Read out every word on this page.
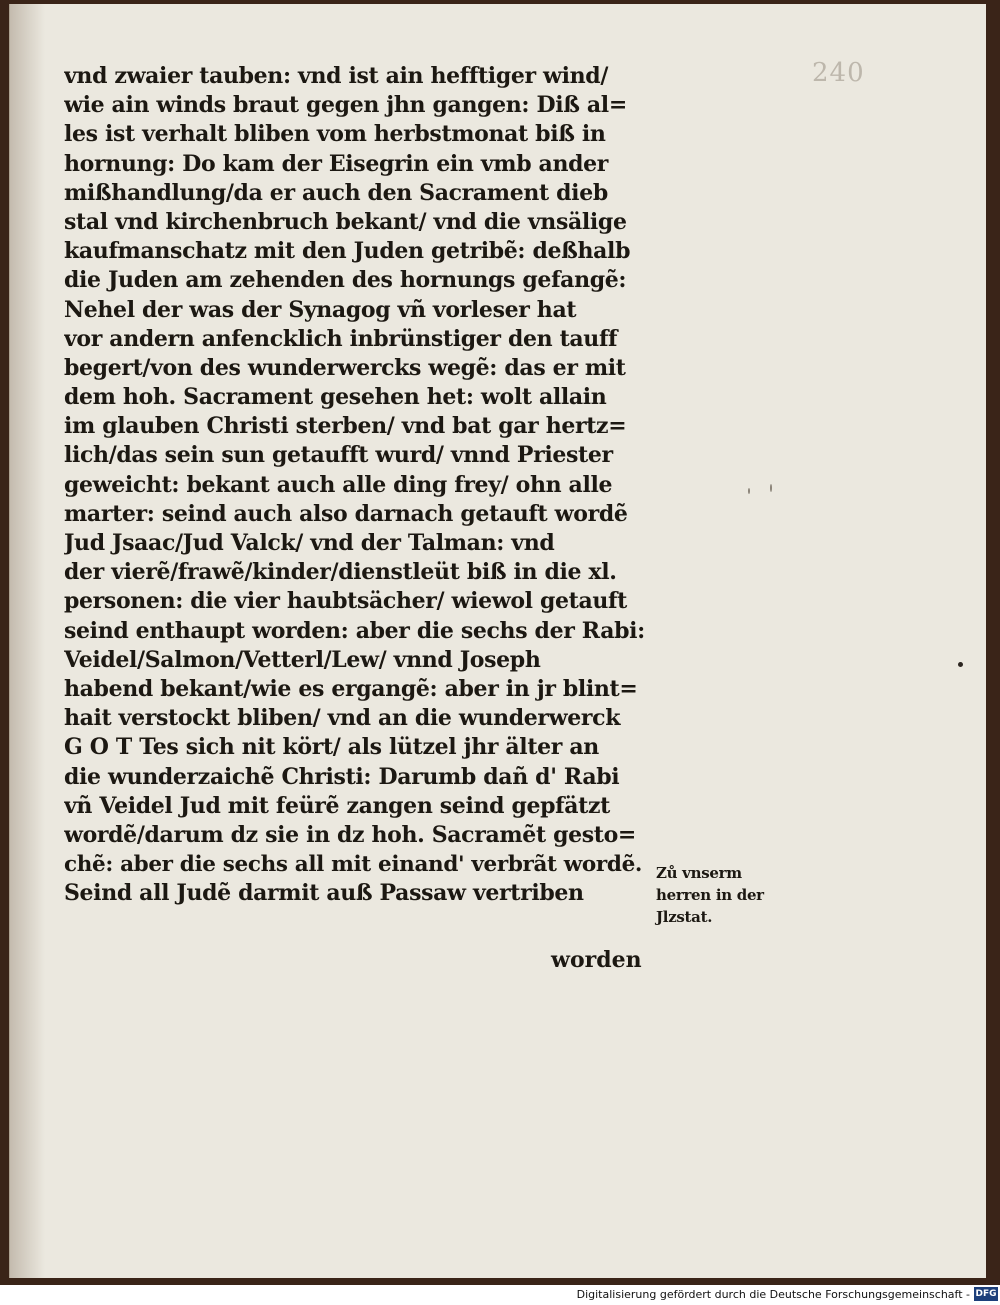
240
vnd zwaier tauben: vnd ist ain hefftiger wind/
wie ain winds braut gegen jhn gangen: Diß al=
les ist verhalt bliben vom herbstmonat biß in
hornung: Do kam der Eisegrin ein vmb ander
mißhandlung/da er auch den Sacrament dieb
stal vnd kirchenbruch bekant/ vnd die vnsälige
kaufmanschatz mit den Juden getribẽ: deßhalb
die Juden am zehenden des hornungs gefangẽ:
Nehel der was der Synagog vñ vorleser hat
vor andern anfencklich inbrünstiger den tauff
begert/von des wunderwercks wegẽ: das er mit
dem hoh. Sacrament gesehen het: wolt allain
im glauben Christi sterben/ vnd bat gar hertz=
lich/das sein sun getaufft wurd/ vnnd Priester
geweicht: bekant auch alle ding frey/ ohn alle
marter: seind auch also darnach getauft wordẽ
Jud Jsaac/Jud Valck/ vnd der Talman: vnd
der vierẽ/frawẽ/kinder/dienstleüt biß in die xl.
personen: die vier haubtsächer/ wiewol getauft
seind enthaupt worden: aber die sechs der Rabi:
Veidel/Salmon/Vetterl/Lew/ vnnd Joseph
habend bekant/wie es ergangẽ: aber in jr blint=
hait verstockt bliben/ vnd an die wunderwerck
G O T Tes sich nit kört/ als lützel jhr älter an
die wunderzaichẽ Christi: Darumb dañ d' Rabi
vñ Veidel Jud mit feürẽ zangen seind gepfätzt
wordẽ/darum dz sie in dz hoh. Sacramẽt gesto=
chẽ: aber die sechs all mit einand' verbrãt wordẽ.
Seind all Judẽ darmit auß Passaw vertriben
worden
Zů vnserm
herren in der
Jlzstat.
Digitalisierung gefördert durch die Deutsche Forschungsgemeinschaft - DFG
